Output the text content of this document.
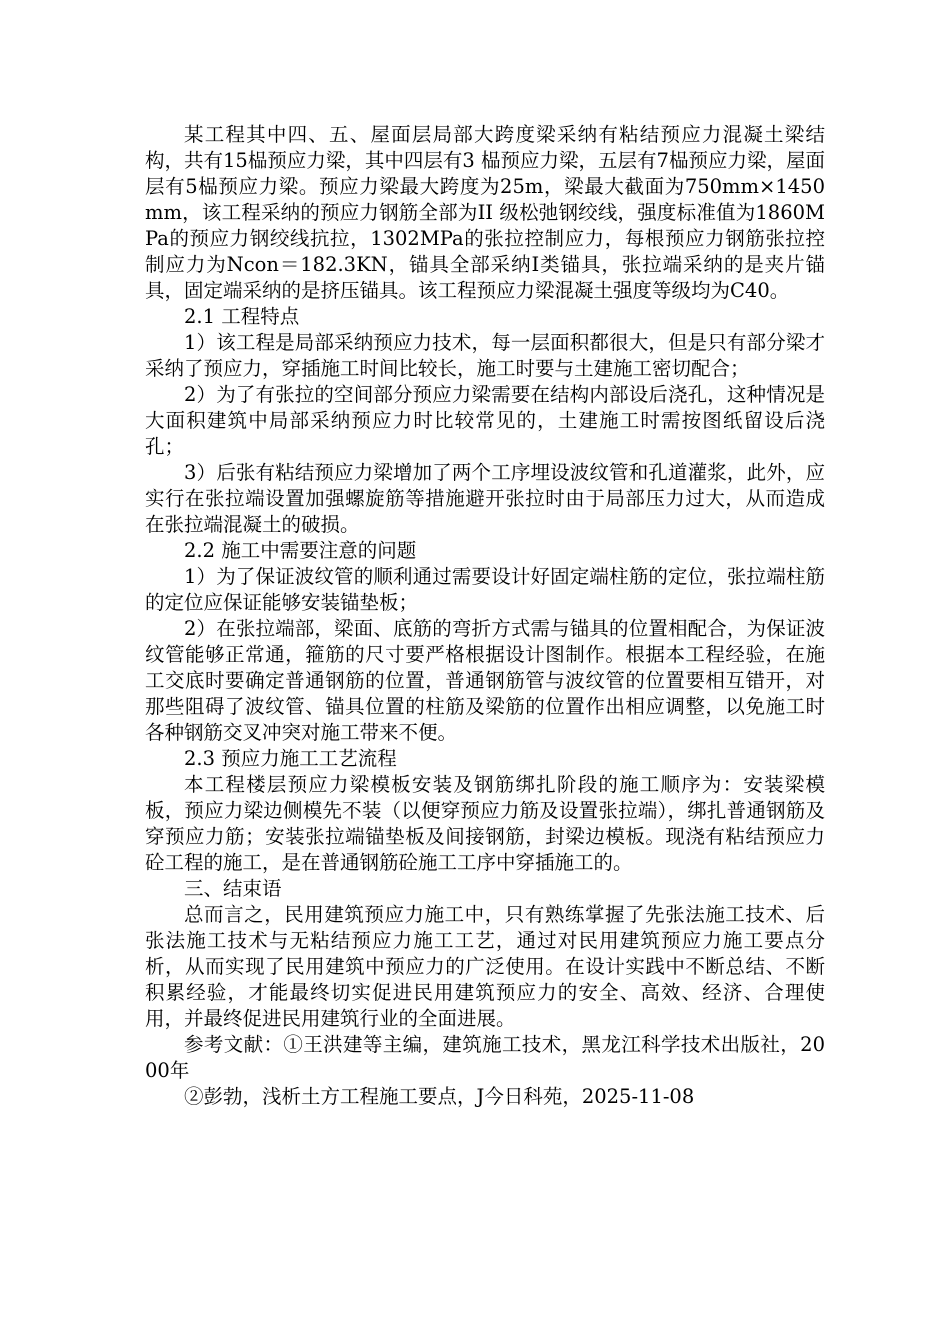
某工程其中四、五、屋面层局部大跨度梁采纳有粘结预应力混凝土梁结构，共有15榀预应力梁，其中四层有3 榀预应力梁，五层有7榀预应力梁，屋面层有5榀预应力梁。预应力梁最大跨度为25m，梁最大截面为750mm×1450mm，该工程采纳的预应力钢筋全部为II 级松弛钢绞线，强度标准值为1860MPa的预应力钢绞线抗拉，1302MPa的张拉控制应力，每根预应力钢筋张拉控制应力为Ncon＝182.3KN，锚具全部采纳Ⅰ类锚具，张拉端采纳的是夹片锚具，固定端采纳的是挤压锚具。该工程预应力梁混凝土强度等级均为C40。

2.1 工程特点

1）该工程是局部采纳预应力技术，每一层面积都很大，但是只有部分梁才采纳了预应力，穿插施工时间比较长，施工时要与土建施工密切配合；

2）为了有张拉的空间部分预应力梁需要在结构内部设后浇孔，这种情况是大面积建筑中局部采纳预应力时比较常见的，土建施工时需按图纸留设后浇孔；

3）后张有粘结预应力梁增加了两个工序埋设波纹管和孔道灌浆，此外，应实行在张拉端设置加强螺旋筋等措施避开张拉时由于局部压力过大，从而造成在张拉端混凝土的破损。

2.2 施工中需要注意的问题

1）为了保证波纹管的顺利通过需要设计好固定端柱筋的定位，张拉端柱筋的定位应保证能够安装锚垫板；

2）在张拉端部，梁面、底筋的弯折方式需与锚具的位置相配合，为保证波纹管能够正常通，箍筋的尺寸要严格根据设计图制作。根据本工程经验，在施工交底时要确定普通钢筋的位置，普通钢筋管与波纹管的位置要相互错开，对那些阻碍了波纹管、锚具位置的柱筋及梁筋的位置作出相应调整，以免施工时各种钢筋交叉冲突对施工带来不便。

2.3 预应力施工工艺流程

本工程楼层预应力梁模板安装及钢筋绑扎阶段的施工顺序为：安装梁模板，预应力梁边侧模先不装（以便穿预应力筋及设置张拉端），绑扎普通钢筋及穿预应力筋；安装张拉端锚垫板及间接钢筋，封梁边模板。现浇有粘结预应力砼工程的施工，是在普通钢筋砼施工工序中穿插施工的。

三、结束语

总而言之，民用建筑预应力施工中，只有熟练掌握了先张法施工技术、后张法施工技术与无粘结预应力施工工艺，通过对民用建筑预应力施工要点分析，从而实现了民用建筑中预应力的广泛使用。在设计实践中不断总结、不断积累经验，才能最终切实促进民用建筑预应力的安全、高效、经济、合理使用，并最终促进民用建筑行业的全面进展。

参考文献：①王洪建等主编，建筑施工技术，黑龙江科学技术出版社，2000年

②彭勃，浅析土方工程施工要点，J今日科苑，2025-11-08
